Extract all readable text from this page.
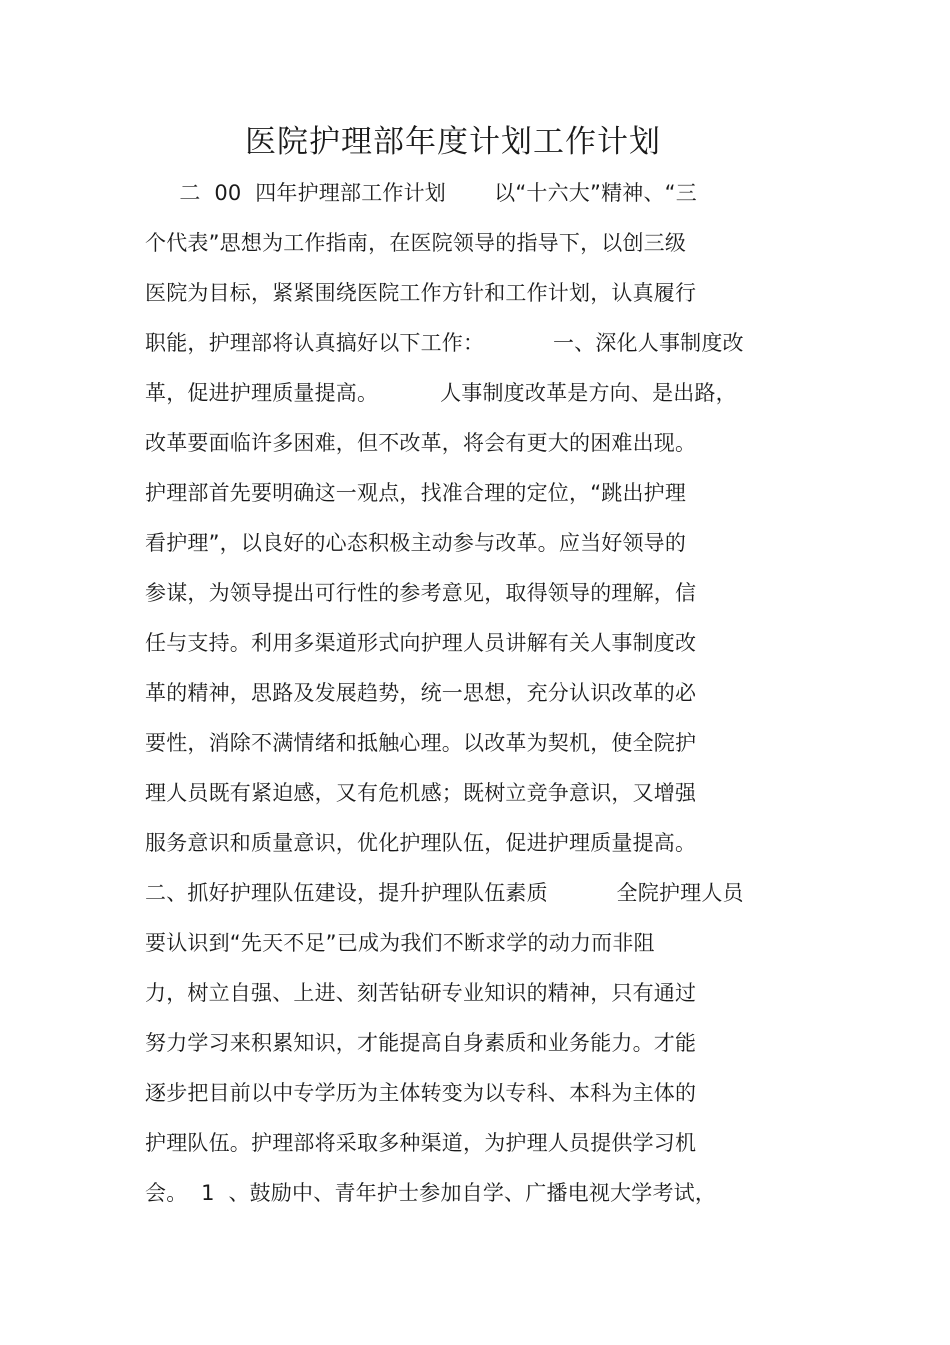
医院护理部年度计划工作计划
二  00  四年护理部工作计划       以“十六大”精神、“三
个代表”思想为工作指南，在医院领导的指导下，以创三级
医院为目标，紧紧围绕医院工作方针和工作计划，认真履行
职能，护理部将认真搞好以下工作：          一、深化人事制度改
革，促进护理质量提高。         人事制度改革是方向、是出路，
改革要面临许多困难，但不改革，将会有更大的困难出现。
护理部首先要明确这一观点，找准合理的定位，“跳出护理
看护理”，以良好的心态积极主动参与改革。应当好领导的
参谋，为领导提出可行性的参考意见，取得领导的理解，信
任与支持。利用多渠道形式向护理人员讲解有关人事制度改
革的精神，思路及发展趋势，统一思想，充分认识改革的必
要性，消除不满情绪和抵触心理。以改革为契机，使全院护
理人员既有紧迫感，又有危机感；既树立竞争意识，又增强
服务意识和质量意识，优化护理队伍，促进护理质量提高。
二、抓好护理队伍建设，提升护理队伍素质          全院护理人员
要认识到“先天不足”已成为我们不断求学的动力而非阻
力，树立自强、上进、刻苦钻研专业知识的精神，只有通过
努力学习来积累知识，才能提高自身素质和业务能力。才能
逐步把目前以中专学历为主体转变为以专科、本科为主体的
护理队伍。护理部将采取多种渠道，为护理人员提供学习机
会。  1  、鼓励中、青年护士参加自学、广播电视大学考试，
